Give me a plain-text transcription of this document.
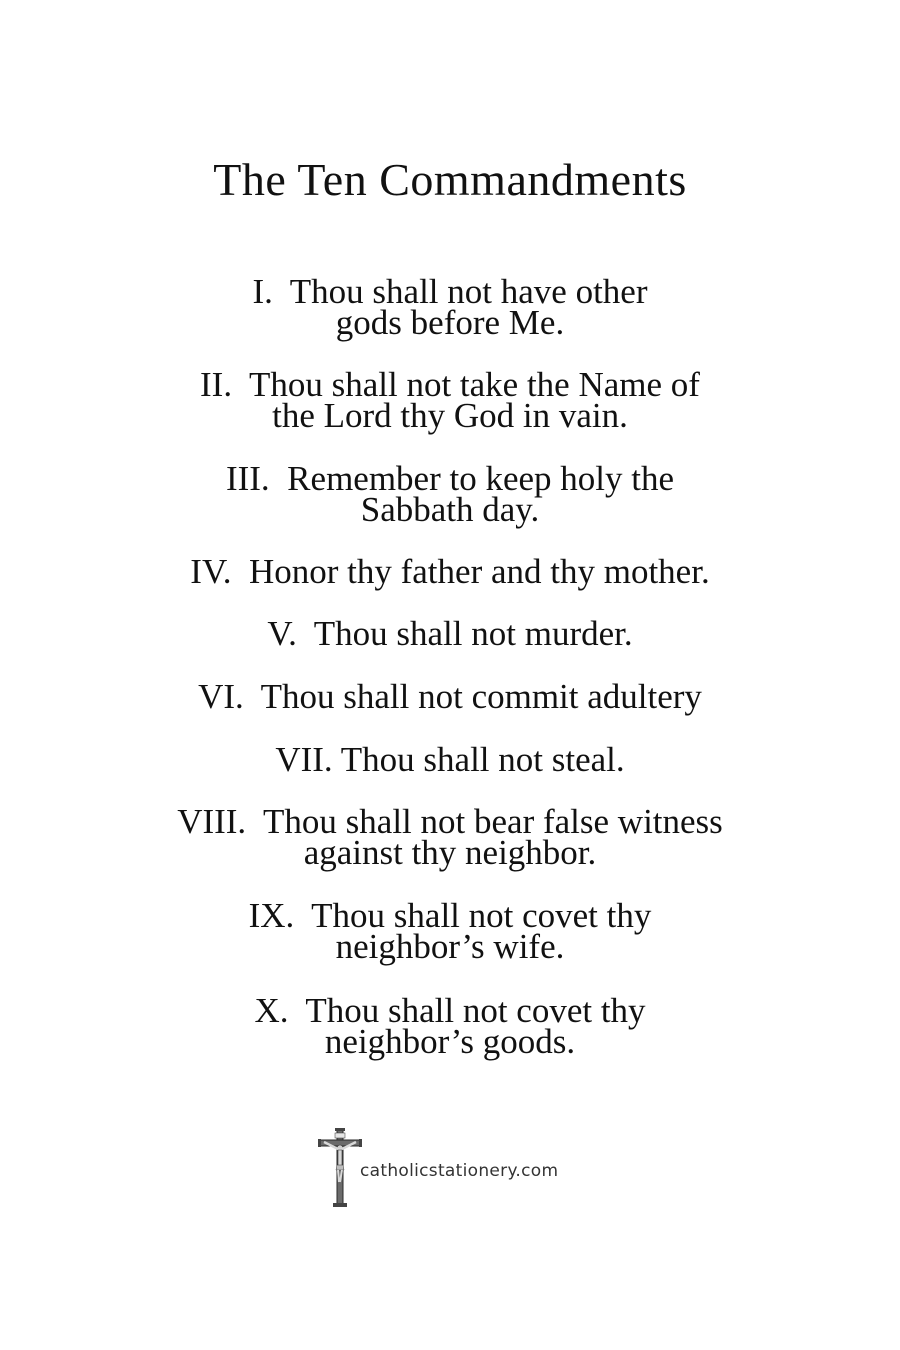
The Ten Commandments
I.  Thou shall not have other
gods before Me.
II.  Thou shall not take the Name of
the Lord thy God in vain.
III.  Remember to keep holy the
Sabbath day.
IV.  Honor thy father and thy mother.
V.  Thou shall not murder.
VI.  Thou shall not commit adultery
VII. Thou shall not steal.
VIII.  Thou shall not bear false witness
against thy neighbor.
IX.  Thou shall not covet thy
neighbor’s wife.
X.  Thou shall not covet thy
neighbor’s goods.
catholicstationery.com
